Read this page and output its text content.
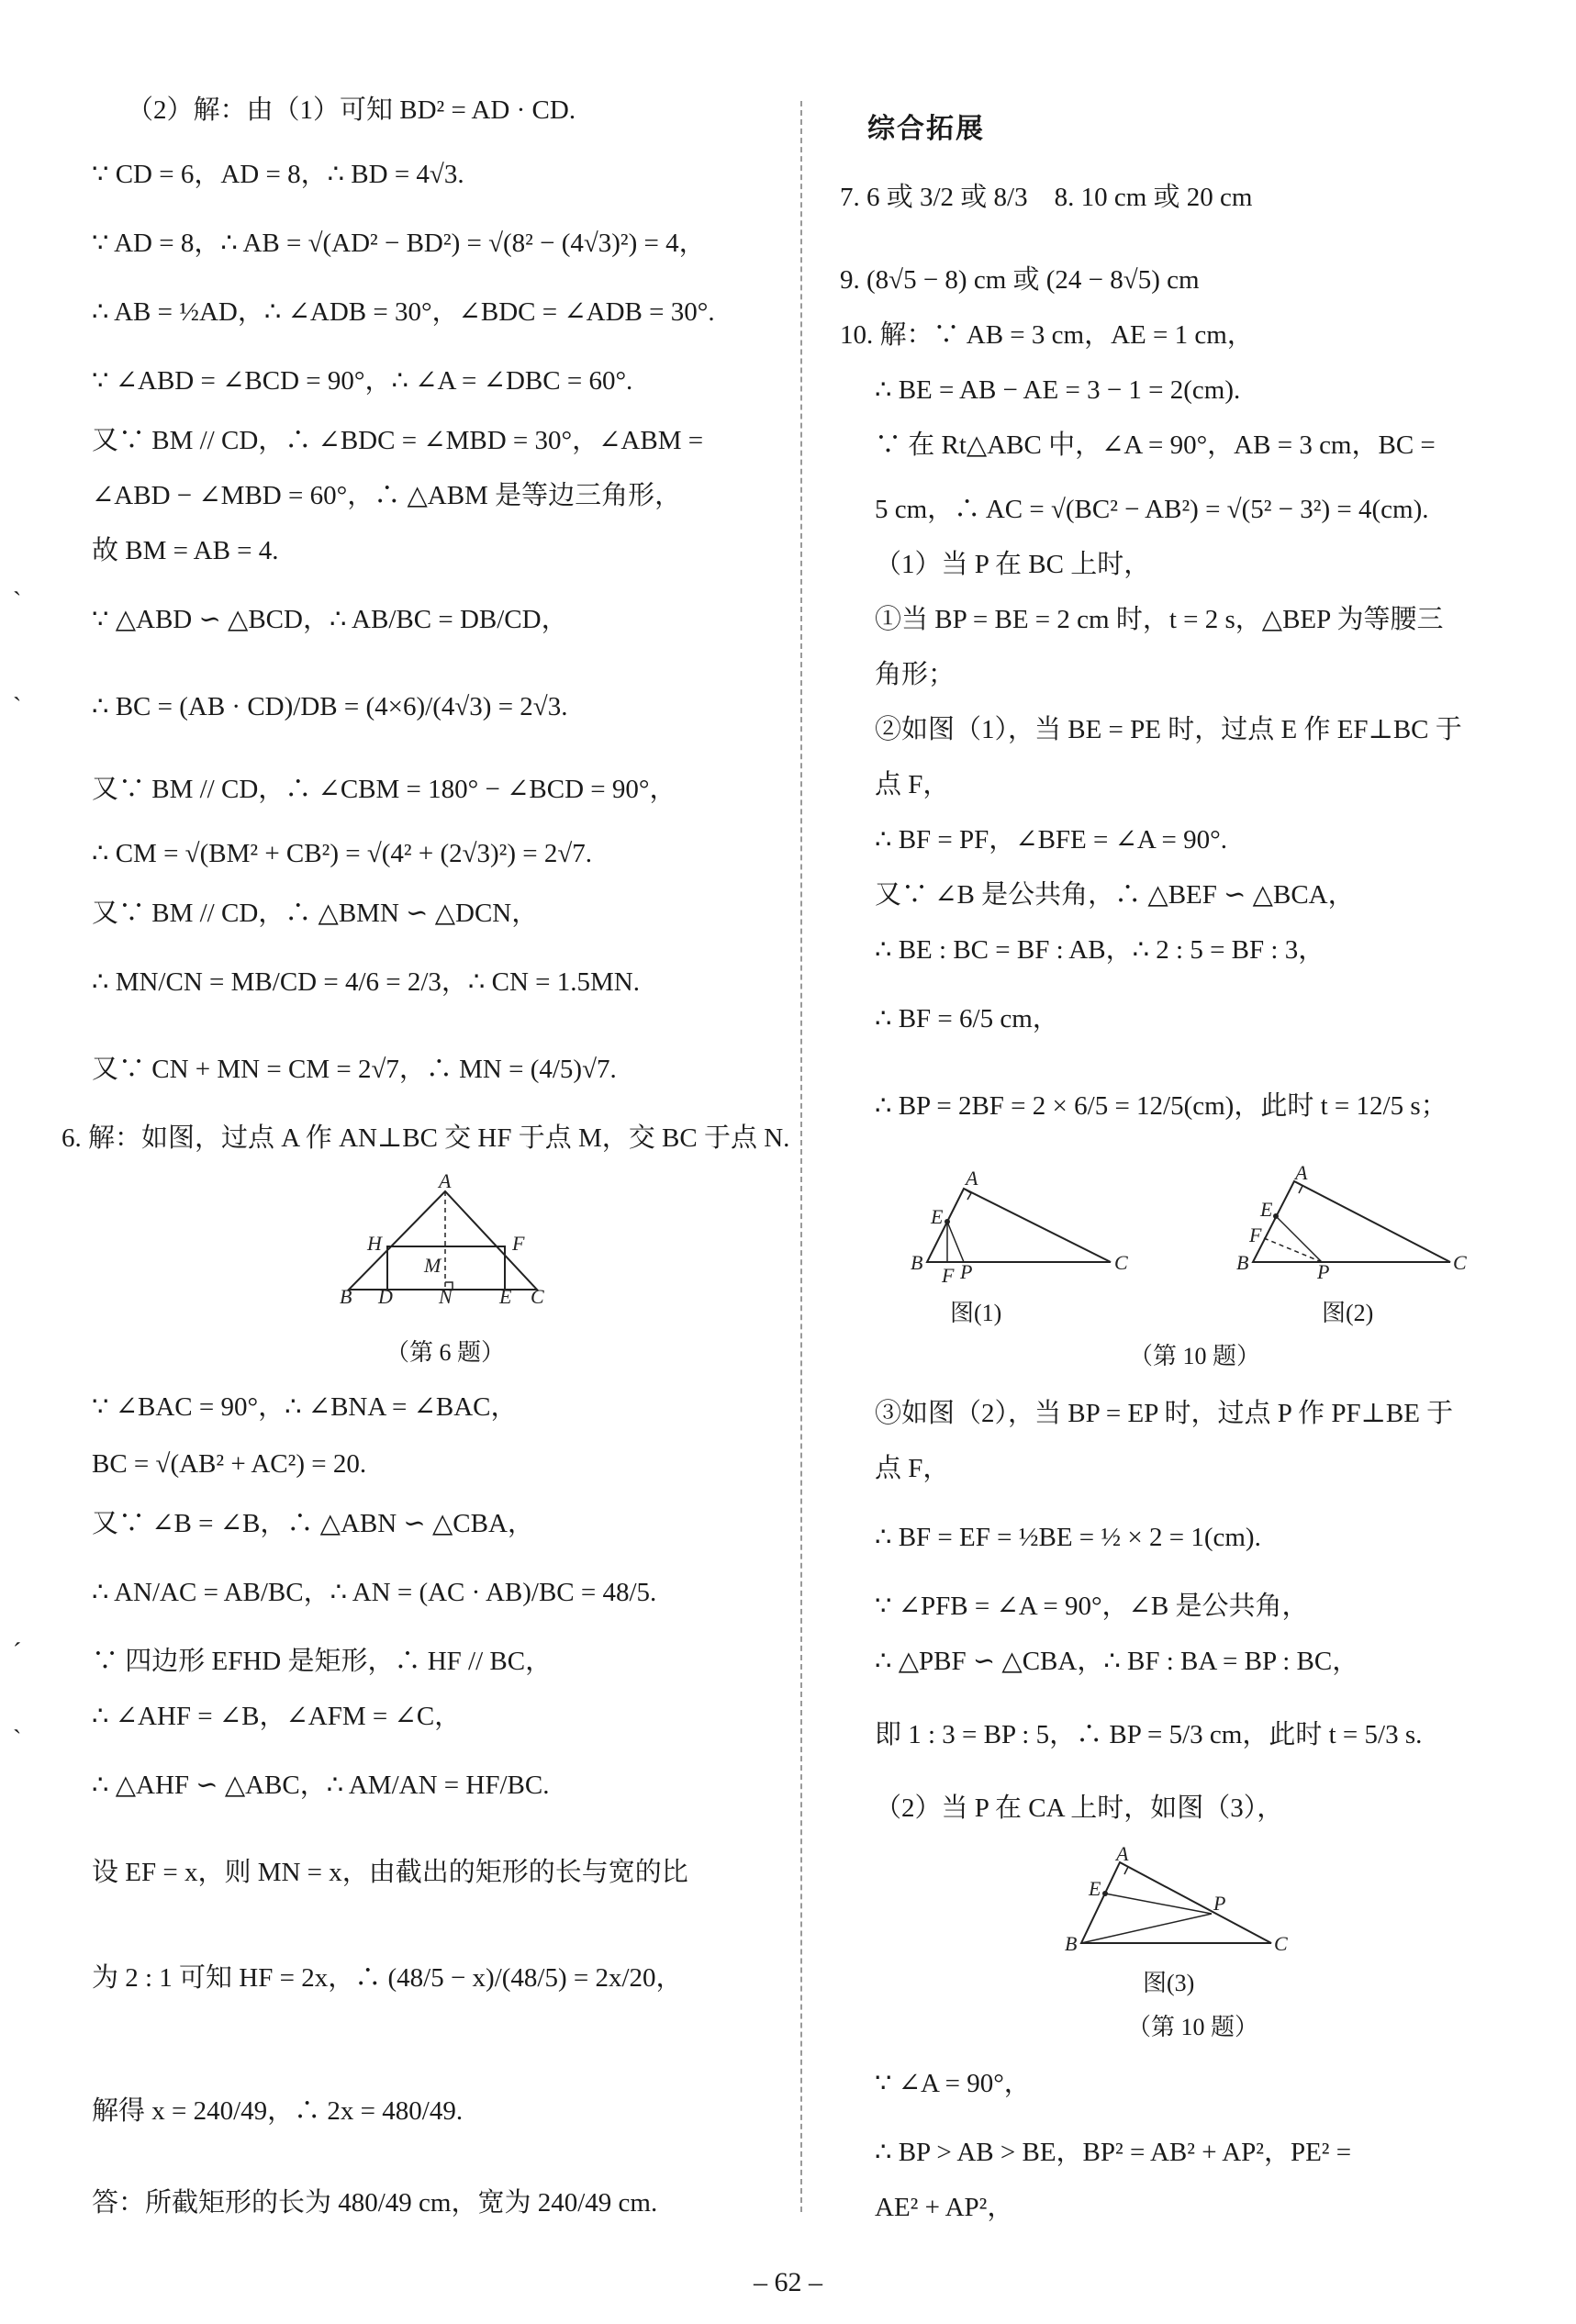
ˋ
ˋ
ˊ
ˋ
（2）解：由（1）可知 BD² = AD · CD.
∵ CD = 6，AD = 8，∴ BD = 4√3.
∵ AD = 8，∴ AB = √(AD² − BD²) = √(8² − (4√3)²) = 4，
∴ AB = ½AD，∴ ∠ADB = 30°，∠BDC = ∠ADB = 30°.
∵ ∠ABD = ∠BCD = 90°，∴ ∠A = ∠DBC = 60°.
又∵ BM // CD，∴ ∠BDC = ∠MBD = 30°，∠ABM =
∠ABD − ∠MBD = 60°，∴ △ABM 是等边三角形，
故 BM = AB = 4.
∵ △ABD ∽ △BCD，∴ AB/BC = DB/CD，
∴ BC = (AB · CD)/DB = (4×6)/(4√3) = 2√3.
又∵ BM // CD，∴ ∠CBM = 180° − ∠BCD = 90°，
∴ CM = √(BM² + CB²) = √(4² + (2√3)²) = 2√7.
又∵ BM // CD，∴ △BMN ∽ △DCN，
∴ MN/CN = MB/CD = 4/6 = 2/3，∴ CN = 1.5MN.
又∵ CN + MN = CM = 2√7，∴ MN = (4/5)√7.
6. 解：如图，过点 A 作 AN⊥BC 交 HF 于点 M，交 BC 于点 N.
A
H	F
M
B D N E C
（第 6 题）
∵ ∠BAC = 90°，∴ ∠BNA = ∠BAC，
BC = √(AB² + AC²) = 20.
又∵ ∠B = ∠B，∴ △ABN ∽ △CBA，
∴ AN/AC = AB/BC，∴ AN = (AC · AB)/BC = 48/5.
∵ 四边形 EFHD 是矩形，∴ HF // BC，
∴ ∠AHF = ∠B，∠AFM = ∠C，
∴ △AHF ∽ △ABC，∴ AM/AN = HF/BC.
设 EF = x，则 MN = x，由截出的矩形的长与宽的比
为 2 : 1 可知 HF = 2x，∴ (48/5 − x)/(48/5) = 2x/20，
解得 x = 240/49，∴ 2x = 480/49.
答：所截矩形的长为 480/49 cm，宽为 240/49 cm.
综合拓展
7. 6 或 3/2 或 8/3　8. 10 cm 或 20 cm
9. (8√5 − 8) cm 或 (24 − 8√5) cm
10. 解：∵ AB = 3 cm，AE = 1 cm，
∴ BE = AB − AE = 3 − 1 = 2(cm).
∵ 在 Rt△ABC 中，∠A = 90°，AB = 3 cm，BC =
5 cm，∴ AC = √(BC² − AB²) = √(5² − 3²) = 4(cm).
（1）当 P 在 BC 上时，
①当 BP = BE = 2 cm 时，t = 2 s，△BEP 为等腰三
角形；
②如图（1），当 BE = PE 时，过点 E 作 EF⊥BC 于
点 F，
∴ BF = PF，∠BFE = ∠A = 90°.
又∵ ∠B 是公共角，∴ △BEF ∽ △BCA，
∴ BE : BC = BF : AB，∴ 2 : 5 = BF : 3，
∴ BF = 6/5 cm，
∴ BP = 2BF = 2 × 6/5 = 12/5(cm)，此时 t = 12/5 s；
A
E
B
F P	C
图(1)
A
E
F
B	P	C
图(2)
（第 10 题）
③如图（2），当 BP = EP 时，过点 P 作 PF⊥BE 于
点 F，
∴ BF = EF = ½BE = ½ × 2 = 1(cm).
∵ ∠PFB = ∠A = 90°，∠B 是公共角，
∴ △PBF ∽ △CBA，∴ BF : BA = BP : BC，
即 1 : 3 = BP : 5，∴ BP = 5/3 cm，此时 t = 5/3 s.
（2）当 P 在 CA 上时，如图（3），
A
E
P
B	C
图(3)
（第 10 题）
∵ ∠A = 90°，
∴ BP > AB > BE，BP² = AB² + AP²，PE² =
AE² + AP²，
– 62 –
